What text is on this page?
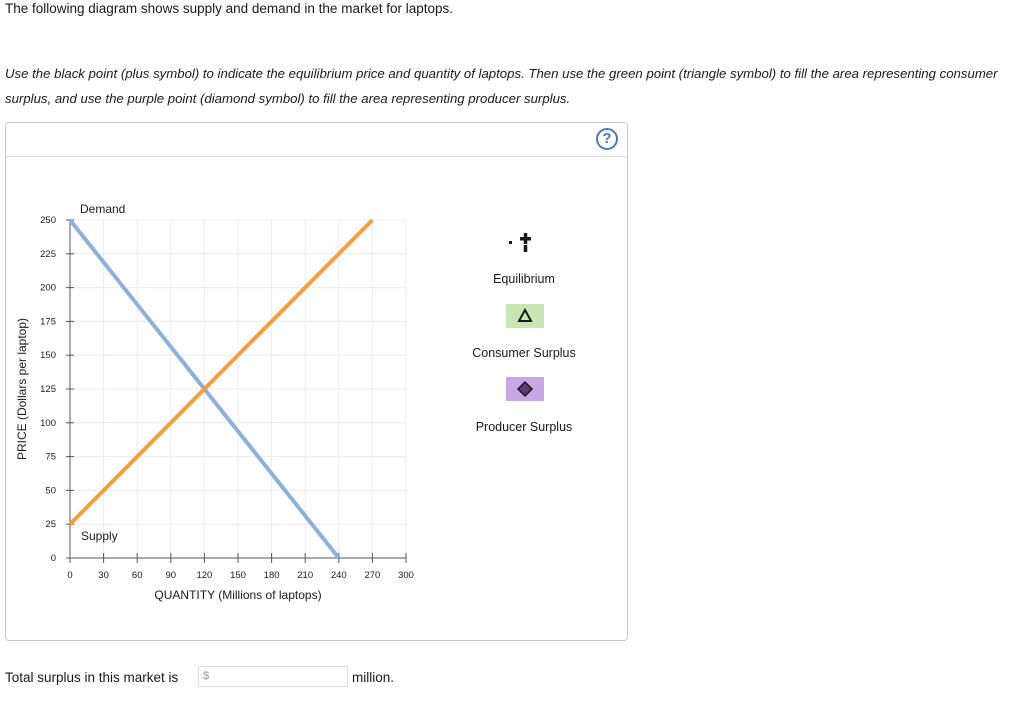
The following diagram shows supply and demand in the market for laptops.

Use the black point (plus symbol) to indicate the equilibrium price and quantity of laptops. Then use the green point (triangle symbol) to fill the area representing consumer surplus, and use the purple point (diamond symbol) to fill the area representing producer surplus.

?
0	30 60 90 120 150 180 210 240 270 300
0
25
50
75
100
125
150
175
200
225
250
QUANTITY (Millions of laptops)
PRICE (Dollars per laptop)
Demand
Supply
Equilibrium
Consumer Surplus
Producer Surplus
Total surplus in this market is $	million.
